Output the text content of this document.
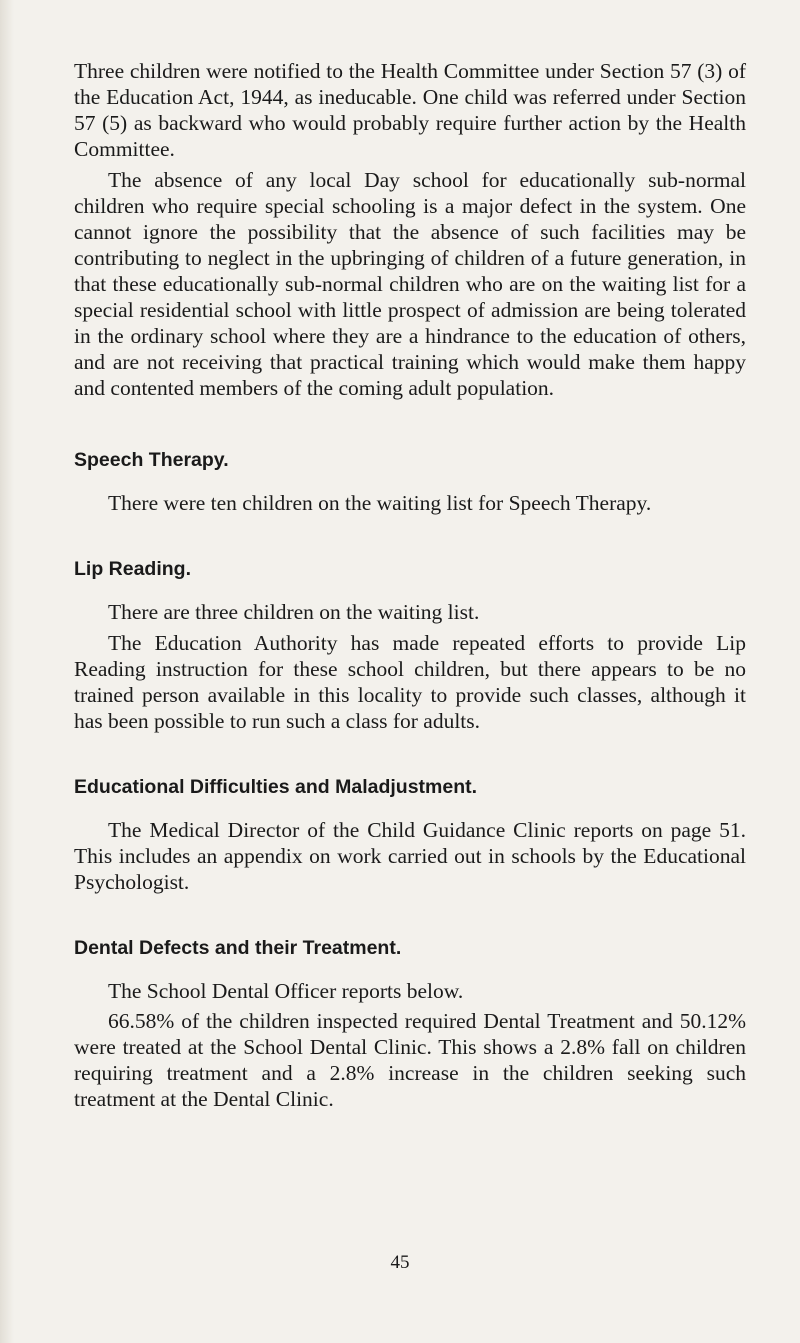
Three children were notified to the Health Committee under Section 57 (3) of the Education Act, 1944, as ineducable. One child was referred under Section 57 (5) as backward who would probably require further action by the Health Committee.

The absence of any local Day school for educationally sub-normal children who require special schooling is a major defect in the system. One cannot ignore the possibility that the absence of such facilities may be contributing to neglect in the upbringing of children of a future generation, in that these educationally sub-normal children who are on the waiting list for a special residential school with little prospect of admission are being tolerated in the ordinary school where they are a hindrance to the education of others, and are not receiving that practical training which would make them happy and contented members of the coming adult population.

Speech Therapy.

There were ten children on the waiting list for Speech Therapy.

Lip Reading.

There are three children on the waiting list.

The Education Authority has made repeated efforts to provide Lip Reading instruction for these school children, but there appears to be no trained person available in this locality to provide such classes, although it has been possible to run such a class for adults.

Educational Difficulties and Maladjustment.

The Medical Director of the Child Guidance Clinic reports on page 51. This includes an appendix on work carried out in schools by the Educational Psychologist.

Dental Defects and their Treatment.

The School Dental Officer reports below.

66.58% of the children inspected required Dental Treatment and 50.12% were treated at the School Dental Clinic. This shows a 2.8% fall on children requiring treatment and a 2.8% increase in the children seeking such treatment at the Dental Clinic.

45
